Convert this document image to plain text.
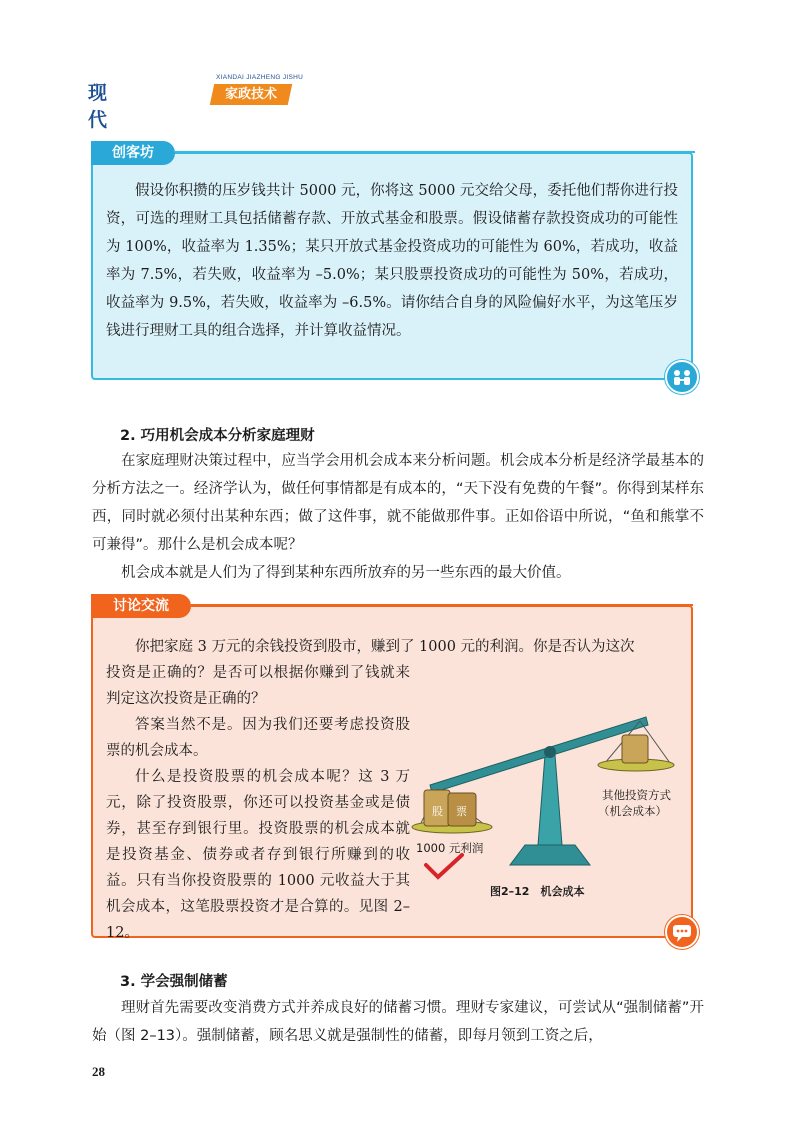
现代
XIANDAI JIAZHENG JISHU
家政技术
创客坊

假设你积攒的压岁钱共计 5000 元，你将这 5000 元交给父母，委托他们帮你进行投资，可选的理财工具包括储蓄存款、开放式基金和股票。假设储蓄存款投资成功的可能性为 100%，收益率为 1.35%；某只开放式基金投资成功的可能性为 60%，若成功，收益率为 7.5%，若失败，收益率为 –5.0%；某只股票投资成功的可能性为 50%，若成功，收益率为 9.5%，若失败，收益率为 –6.5%。请你结合自身的风险偏好水平，为这笔压岁钱进行理财工具的组合选择，并计算收益情况。

2. 巧用机会成本分析家庭理财

在家庭理财决策过程中，应当学会用机会成本来分析问题。机会成本分析是经济学最基本的分析方法之一。经济学认为，做任何事情都是有成本的，“天下没有免费的午餐”。你得到某样东西，同时就必须付出某种东西；做了这件事，就不能做那件事。正如俗语中所说，“鱼和熊掌不可兼得”。那什么是机会成本呢？

机会成本就是人们为了得到某种东西所放弃的另一些东西的最大价值。

讨论交流
你把家庭 3 万元的余钱投资到股市，赚到了 1000 元的利润。你是否认为这次

投资是正确的？是否可以根据你赚到了钱就来判定这次投资是正确的？

答案当然不是。因为我们还要考虑投资股票的机会成本。

什么是投资股票的机会成本呢？这 3 万元，除了投资股票，你还可以投资基金或是债券，甚至存到银行里。投资股票的机会成本就是投资基金、债券或者存到银行所赚到的收益。只有当你投资股票的 1000 元收益大于其机会成本，这笔股票投资才是合算的。见图 2–12。

股 票
其他投资方式
（机会成本）
1000 元利润
图2–12　机会成本
3. 学会强制储蓄

理财首先需要改变消费方式并养成良好的储蓄习惯。理财专家建议，可尝试从“强制储蓄”开始（图 2–13）。强制储蓄，顾名思义就是强制性的储蓄，即每月领到工资之后，

28
